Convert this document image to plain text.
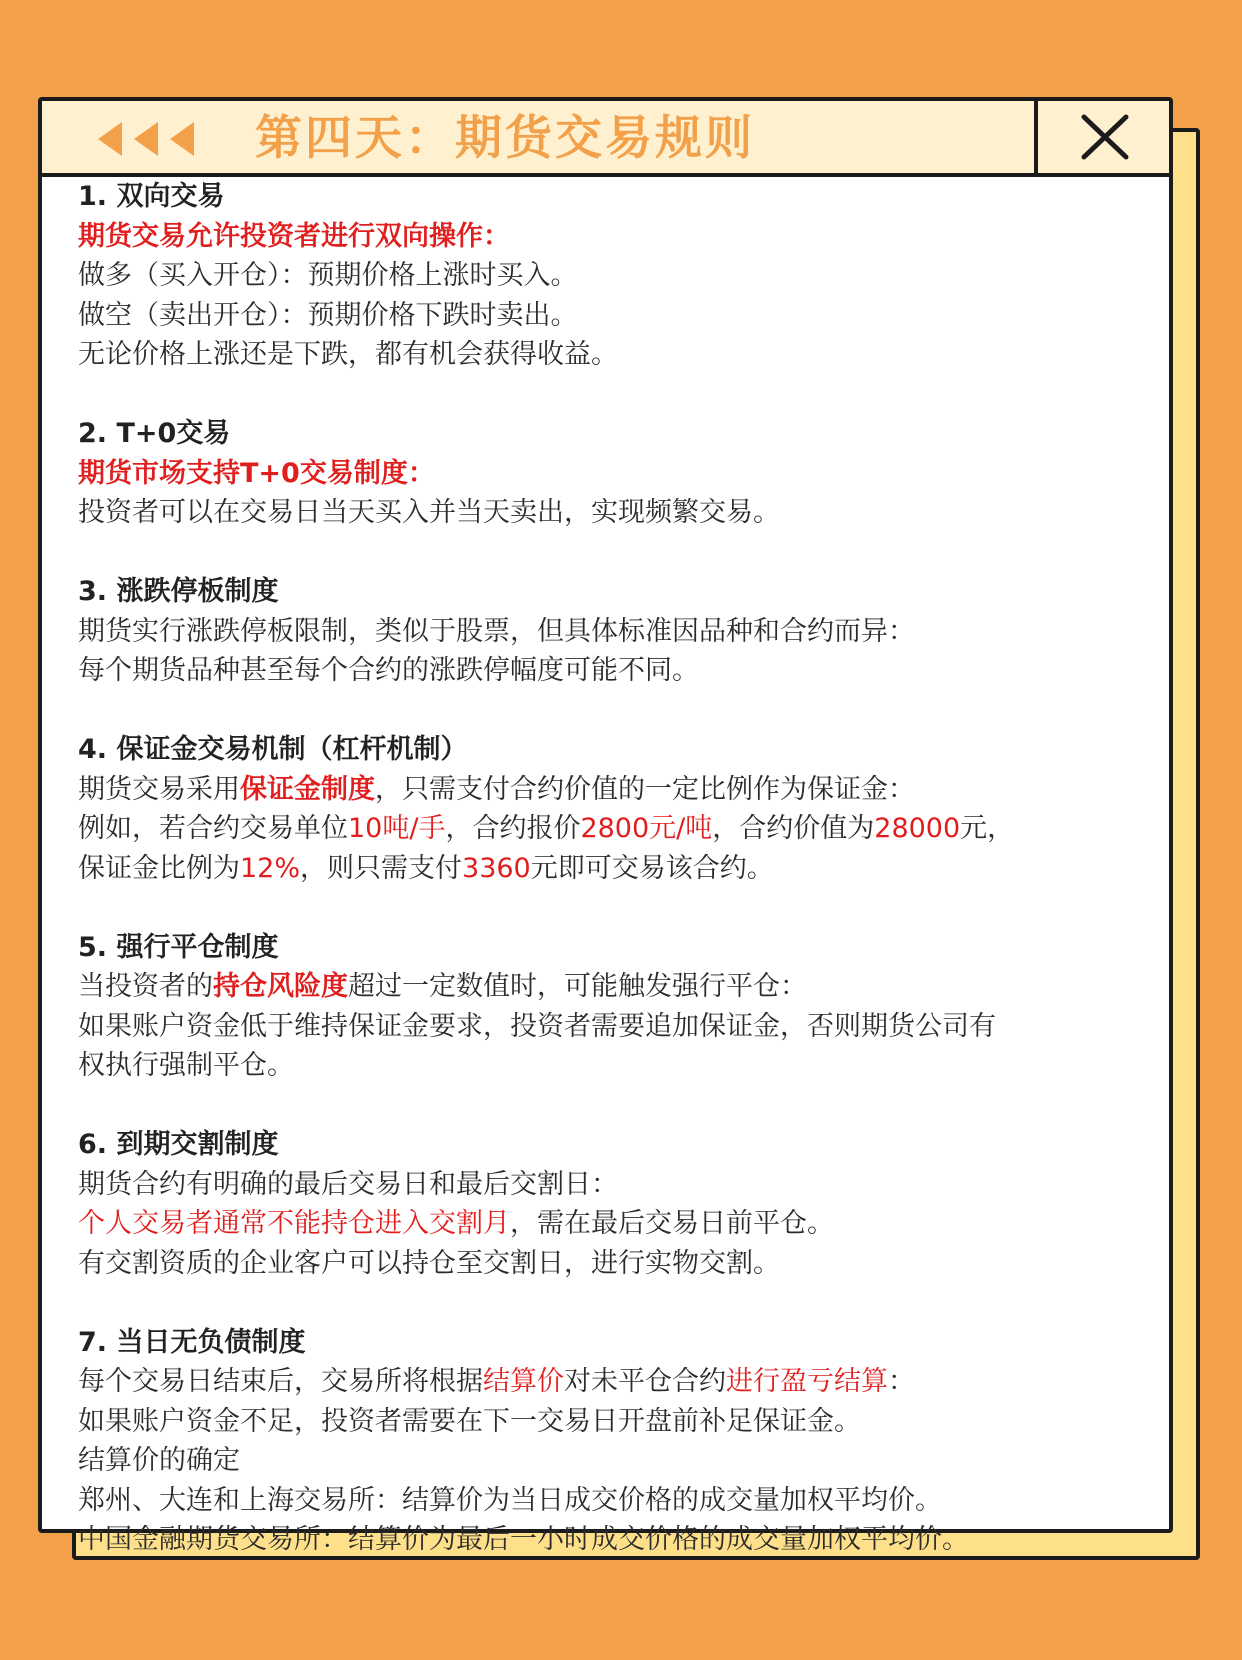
第四天：期货交易规则
1. 双向交易
期货交易允许投资者进行双向操作：
做多（买入开仓）：预期价格上涨时买入。
做空（卖出开仓）：预期价格下跌时卖出。
无论价格上涨还是下跌，都有机会获得收益。
2. T+0交易
期货市场支持T+0交易制度：
投资者可以在交易日当天买入并当天卖出，实现频繁交易。
3. 涨跌停板制度
期货实行涨跌停板限制，类似于股票，但具体标准因品种和合约而异：
每个期货品种甚至每个合约的涨跌停幅度可能不同。
4. 保证金交易机制（杠杆机制）
期货交易采用保证金制度，只需支付合约价值的一定比例作为保证金：
例如，若合约交易单位10吨/手，合约报价2800元/吨，合约价值为28000元，
保证金比例为12%，则只需支付3360元即可交易该合约。
5. 强行平仓制度
当投资者的持仓风险度超过一定数值时，可能触发强行平仓：
如果账户资金低于维持保证金要求，投资者需要追加保证金，否则期货公司有
权执行强制平仓。
6. 到期交割制度
期货合约有明确的最后交易日和最后交割日：
个人交易者通常不能持仓进入交割月，需在最后交易日前平仓。
有交割资质的企业客户可以持仓至交割日，进行实物交割。
7. 当日无负债制度
每个交易日结束后，交易所将根据结算价对未平仓合约进行盈亏结算：
如果账户资金不足，投资者需要在下一交易日开盘前补足保证金。
结算价的确定
郑州、大连和上海交易所：结算价为当日成交价格的成交量加权平均价。
中国金融期货交易所：结算价为最后一小时成交价格的成交量加权平均价。
